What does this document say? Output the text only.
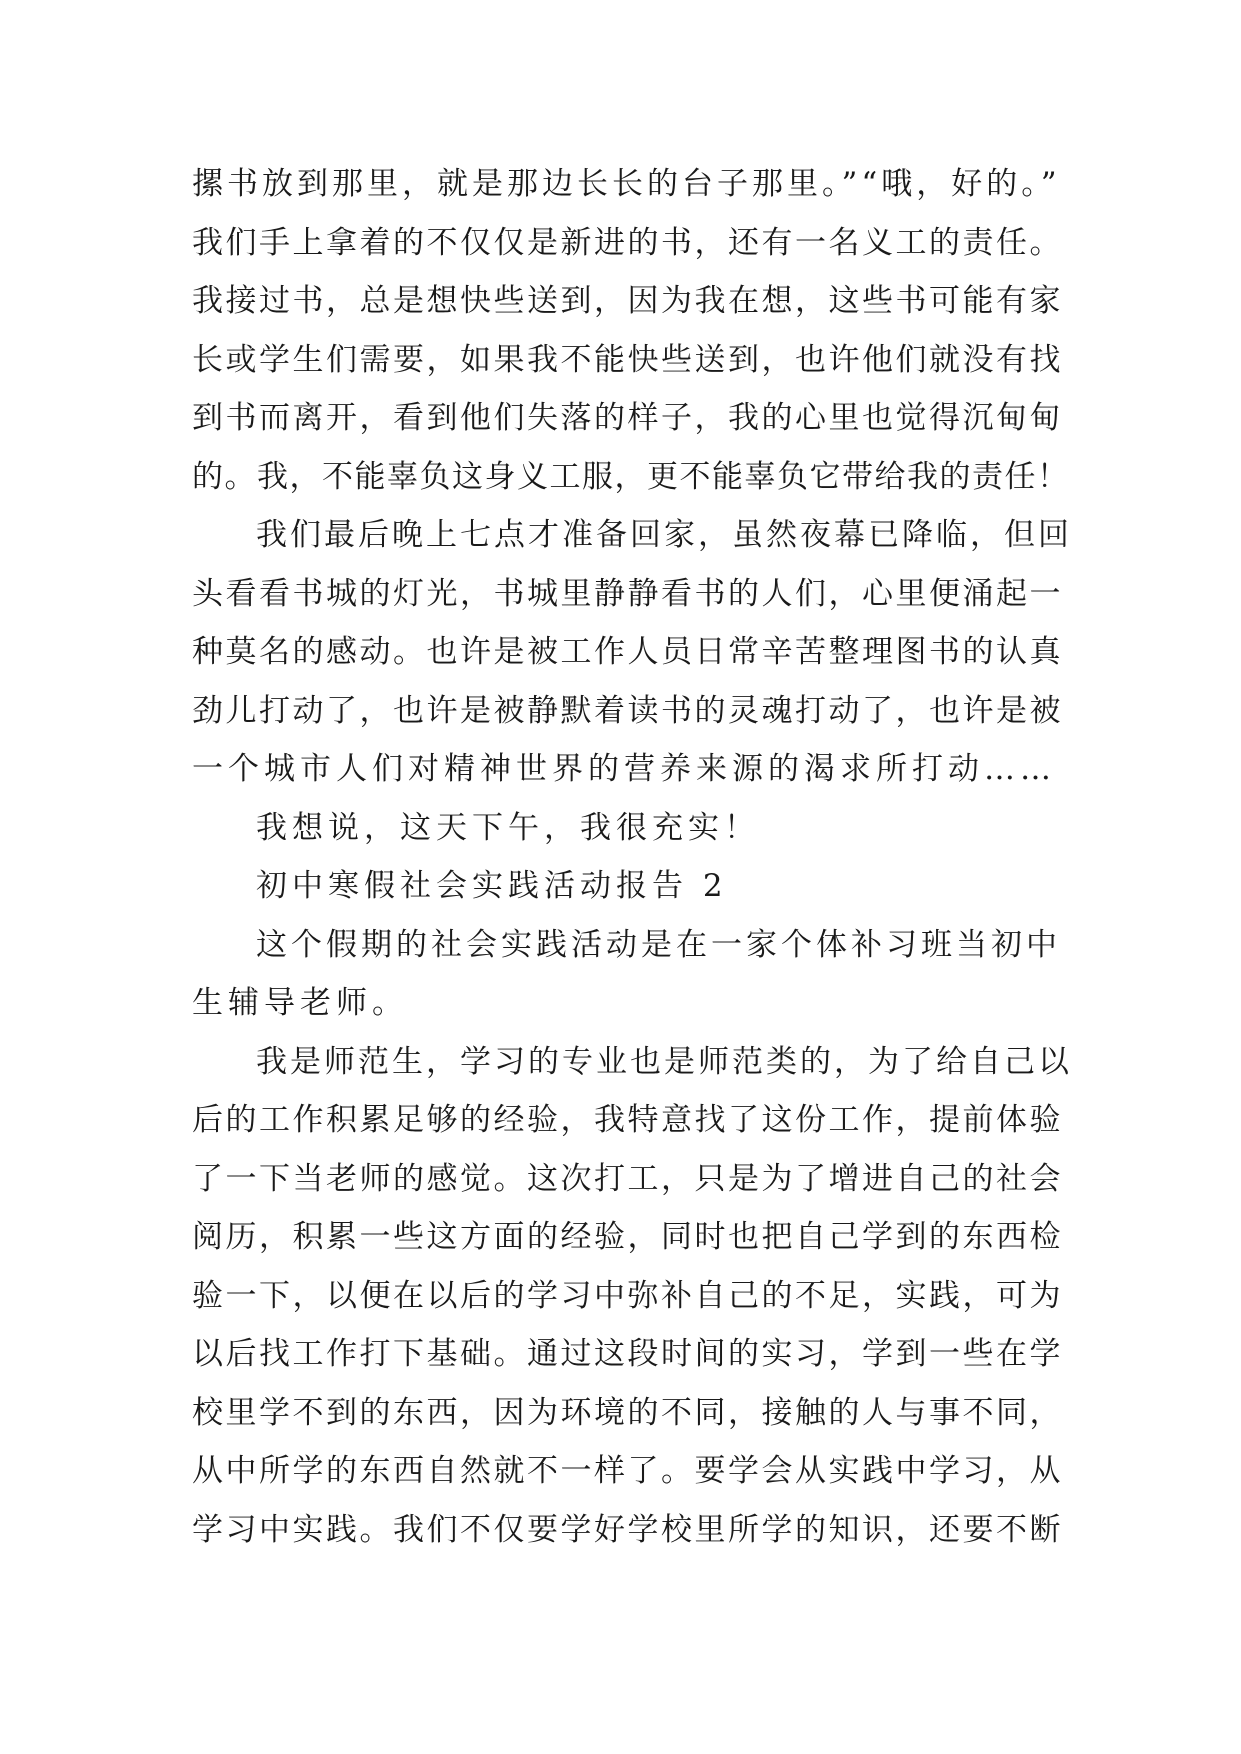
摞书放到那里，就是那边长长的台子那里。”“哦，好的。”
我们手上拿着的不仅仅是新进的书，还有一名义工的责任。
我接过书，总是想快些送到，因为我在想，这些书可能有家
长或学生们需要，如果我不能快些送到，也许他们就没有找
到书而离开，看到他们失落的样子，我的心里也觉得沉甸甸
的。我，不能辜负这身义工服，更不能辜负它带给我的责任！
我们最后晚上七点才准备回家，虽然夜幕已降临，但回
头看看书城的灯光，书城里静静看书的人们，心里便涌起一
种莫名的感动。也许是被工作人员日常辛苦整理图书的认真
劲儿打动了，也许是被静默着读书的灵魂打动了，也许是被
一个城市人们对精神世界的营养来源的渴求所打动……
我想说，这天下午，我很充实！
初中寒假社会实践活动报告 2
这个假期的社会实践活动是在一家个体补习班当初中
生辅导老师。
我是师范生，学习的专业也是师范类的，为了给自己以
后的工作积累足够的经验，我特意找了这份工作，提前体验
了一下当老师的感觉。这次打工，只是为了增进自己的社会
阅历，积累一些这方面的经验，同时也把自己学到的东西检
验一下，以便在以后的学习中弥补自己的不足，实践，可为
以后找工作打下基础。通过这段时间的实习，学到一些在学
校里学不到的东西，因为环境的不同，接触的人与事不同，
从中所学的东西自然就不一样了。要学会从实践中学习，从
学习中实践。我们不仅要学好学校里所学的知识，还要不断
